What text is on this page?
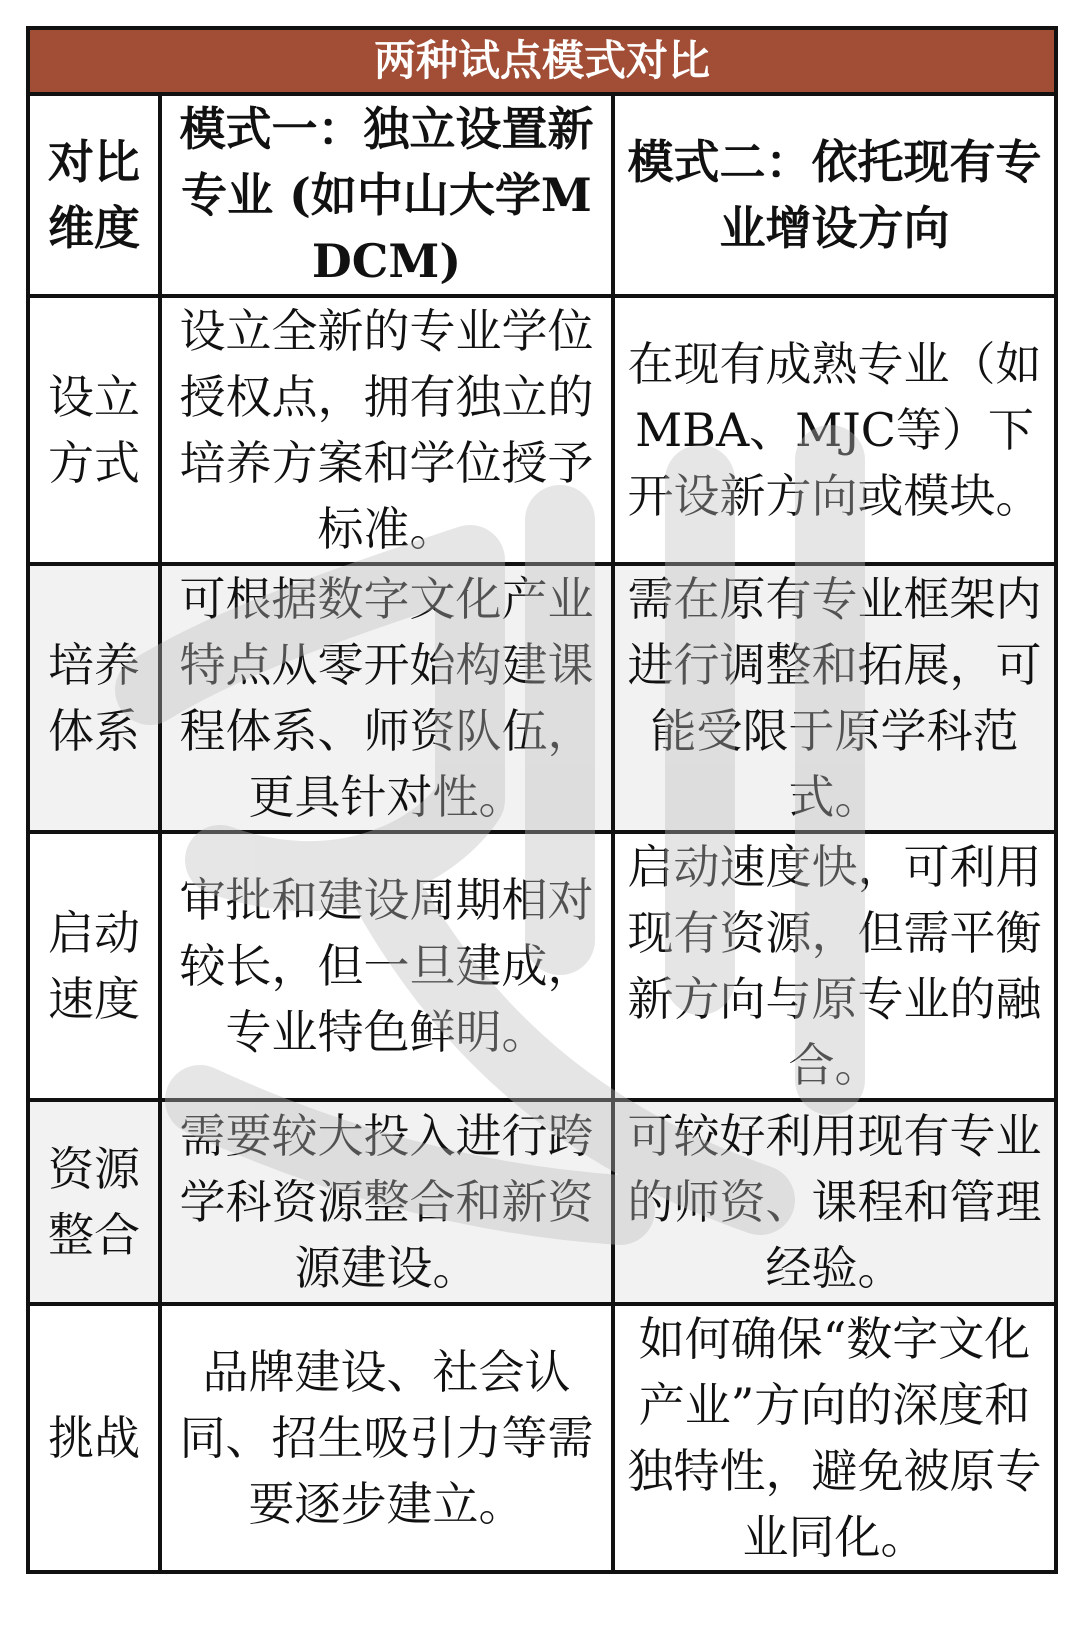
两种试点模式对比		
对比维度	模式一：独立设置新专业 (如中山大学MDCM)	模式二：依托现有专业增设方向
设立方式	设立全新的专业学位授权点，拥有独立的培养方案和学位授予标准。	在现有成熟专业（如MBA、MJC等）下开设新方向或模块。
培养体系	可根据数字文化产业特点从零开始构建课程体系、师资队伍，更具针对性。	需在原有专业框架内进行调整和拓展，可能受限于原学科范式。
启动速度	审批和建设周期相对较长，但一旦建成，专业特色鲜明。	启动速度快，可利用现有资源，但需平衡新方向与原专业的融合。
资源整合	需要较大投入进行跨学科资源整合和新资源建设。	可较好利用现有专业的师资、课程和管理经验。
挑战	品牌建设、社会认同、招生吸引力等需要逐步建立。	如何确保“数字文化产业”方向的深度和独特性，避免被原专业同化。
